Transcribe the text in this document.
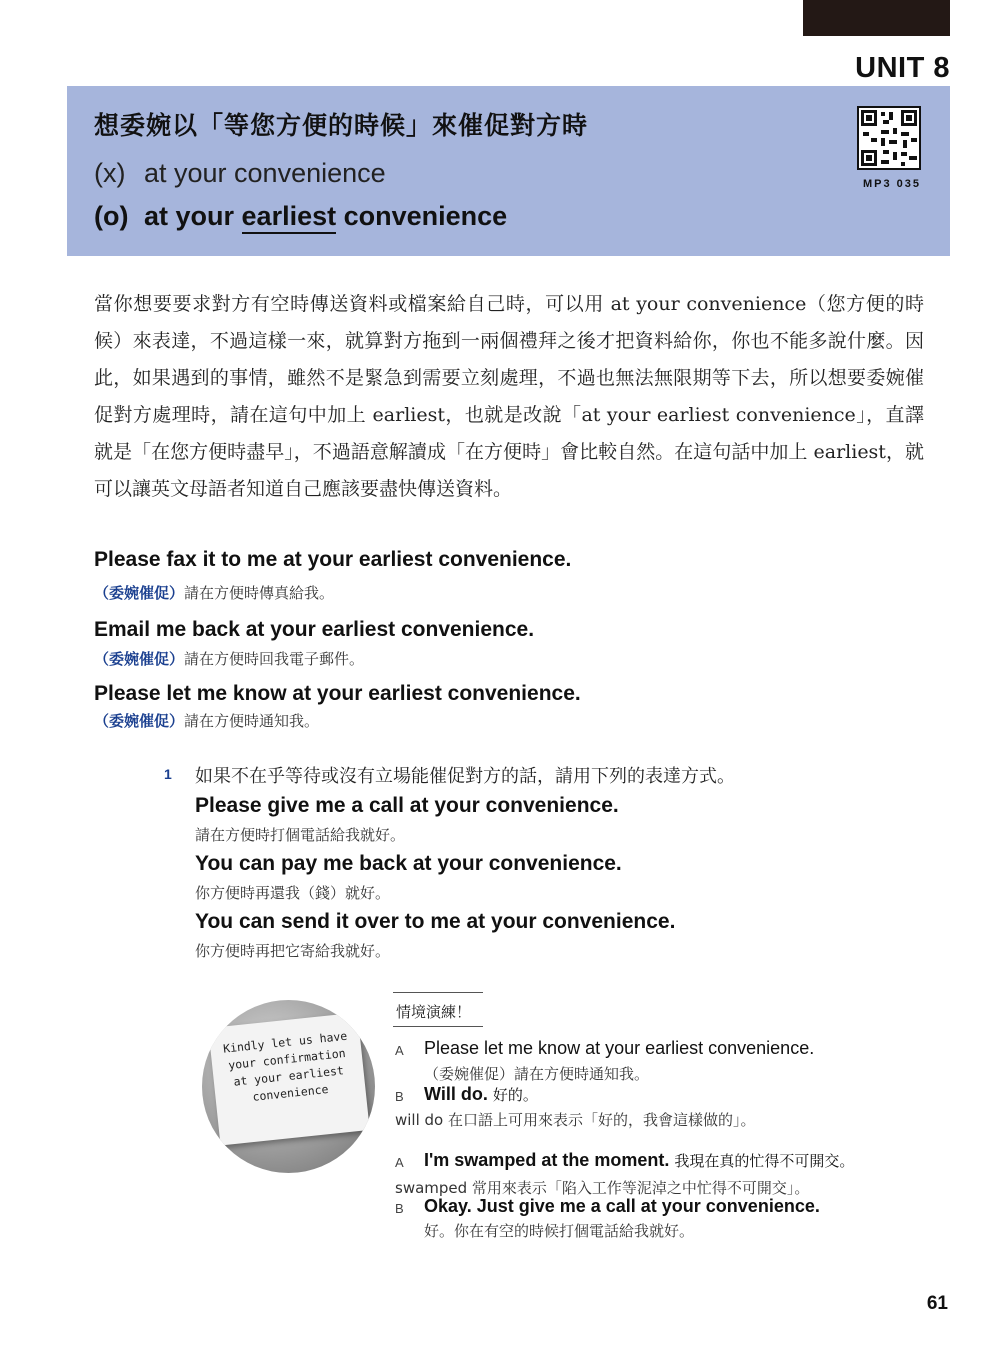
UNIT 8
想委婉以「等您方便的時候」來催促對方時
(x) at your convenience
(o) at your earliest convenience
MP3 035
當你想要要求對方有空時傳送資料或檔案給自己時，可以用 at your convenience（您方便的時候）來表達，不過這樣一來，就算對方拖到一兩個禮拜之後才把資料給你，你也不能多說什麼。因此，如果遇到的事情，雖然不是緊急到需要立刻處理，不過也無法無限期等下去，所以想要委婉催促對方處理時，請在這句中加上 earliest，也就是改說「at your earliest convenience」，直譯就是「在您方便時盡早」，不過語意解讀成「在方便時」會比較自然。在這句話中加上 earliest，就可以讓英文母語者知道自己應該要盡快傳送資料。
Please fax it to me at your earliest convenience.
（委婉催促）請在方便時傳真給我。
Email me back at your earliest convenience.
（委婉催促）請在方便時回我電子郵件。
Please let me know at your earliest convenience.
（委婉催促）請在方便時通知我。
1 如果不在乎等待或沒有立場能催促對方的話，請用下列的表達方式。
Please give me a call at your convenience.
請在方便時打個電話給我就好。
You can pay me back at your convenience.
你方便時再還我（錢）就好。
You can send it over to me at your convenience.
你方便時再把它寄給我就好。
Kindly let us have your confirmation at your earliest convenience
情境演練！
A Please let me know at your earliest convenience.
（委婉催促）請在方便時通知我。
B Will do. 好的。
will do 在口語上可用來表示「好的，我會這樣做的」。
A I'm swamped at the moment. 我現在真的忙得不可開交。
swamped 常用來表示「陷入工作等泥淖之中忙得不可開交」。
B Okay. Just give me a call at your convenience.
好。你在有空的時候打個電話給我就好。
61
